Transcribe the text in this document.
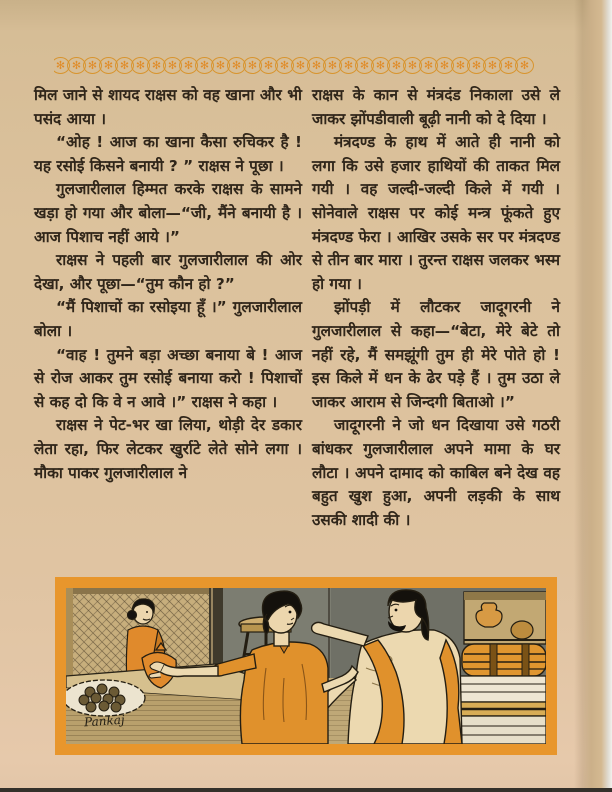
✻ ✻ ✻ ✻ ✻ ✻ ✻ ✻ ✻ ✻ ✻ ✻ ✻ ✻ ✻ ✻ ✻ ✻ ✻ ✻ ✻ ✻ ✻ ✻ ✻ ✻ ✻ ✻ ✻ ✻

मिल जाने से शायद राक्षस को वह खाना और भी पसंद आया ।

“ओह ! आज का खाना कैसा रुचिकर है ! यह रसोई किसने बनायी ? ” राक्षस ने पूछा ।

गुलजारीलाल हिम्मत करके राक्षस के सामने खड़ा हो गया और बोला—“जी, मैंने बनायी है । आज पिशाच नहीं आये ।”

राक्षस ने पहली बार गुलजारीलाल की ओर देखा, और पूछा—“तुम कौन हो ?”

“मैं पिशाचों का रसोइया हूँ ।” गुलजारीलाल बोला ।

“वाह ! तुमने बड़ा अच्छा बनाया बे ! आज से रोज आकर तुम रसोई बनाया करो ! पिशाचों से कह दो कि वे न आवे ।” राक्षस ने कहा ।

राक्षस ने पेट-भर खा लिया, थोड़ी देर डकार लेता रहा, फिर लेटकर खुर्राटे लेते सोने लगा । मौका पाकर गुलजारीलाल ने

राक्षस के कान से मंत्रदंड निकाला उसे ले जाकर झोंपडीवाली बूढ़ी नानी को दे दिया ।

मंत्रदण्ड के हाथ में आते ही नानी को लगा कि उसे हजार हाथियों की ताकत मिल गयी । वह जल्दी-जल्दी किले में गयी । सोनेवाले राक्षस पर कोई मन्त्र फूंकते हुए मंत्रदण्ड फेरा । आखिर उसके सर पर मंत्रदण्ड से तीन बार मारा । तुरन्त राक्षस जलकर भस्म हो गया ।

झोंपड़ी में लौटकर जादूगरनी ने गुलजारीलाल से कहा—“बेटा, मेरे बेटे तो नहीं रहे, मैं समझूंगी तुम ही मेरे पोते हो ! इस किले में धन के ढेर पड़े हैं । तुम उठा ले जाकर आराम से जिन्दगी बिताओ ।”

जादूगरनी ने जो धन दिखाया उसे गठरी बांधकर गुलजारीलाल अपने मामा के घर लौटा । अपने दामाद को काबिल बने देख वह बहुत खुश हुआ, अपनी लड़की के साथ उसकी शादी की ।

Pankaj
